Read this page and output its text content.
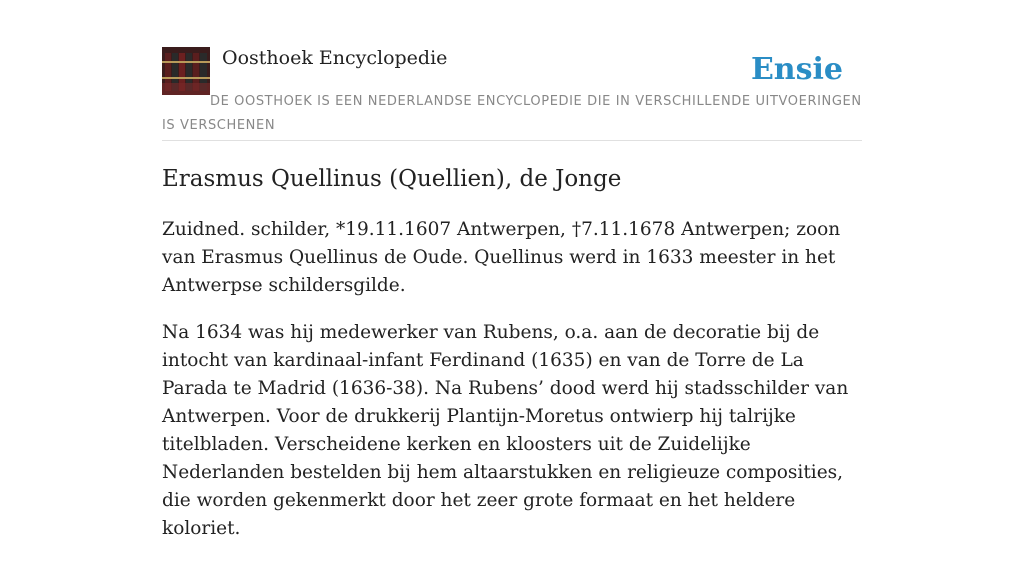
Oosthoek Encyclopedie	Ensie
DE OOSTHOEK IS EEN NEDERLANDSE ENCYCLOPEDIE DIE IN VERSCHILLENDE UITVOERINGEN IS VERSCHENEN
Erasmus Quellinus (Quellien), de Jonge

Zuidned. schilder, *19.11.1607 Antwerpen, †7.11.1678 Antwerpen; zoon van Erasmus Quellinus de Oude. Quellinus werd in 1633 meester in het Antwerpse schildersgilde.

Na 1634 was hij medewerker van Rubens, o.a. aan de decoratie bij de intocht van kardinaal-infant Ferdinand (1635) en van de Torre de La Parada te Madrid (1636-38). Na Rubens’ dood werd hij stadsschilder van Antwerpen. Voor de drukkerij Plantijn-Moretus ontwierp hij talrijke titelbladen. Verscheidene kerken en kloosters uit de Zuidelijke Nederlanden bestelden bij hem altaarstukken en religieuze composities, die worden gekenmerkt door het zeer grote formaat en het heldere koloriet.
